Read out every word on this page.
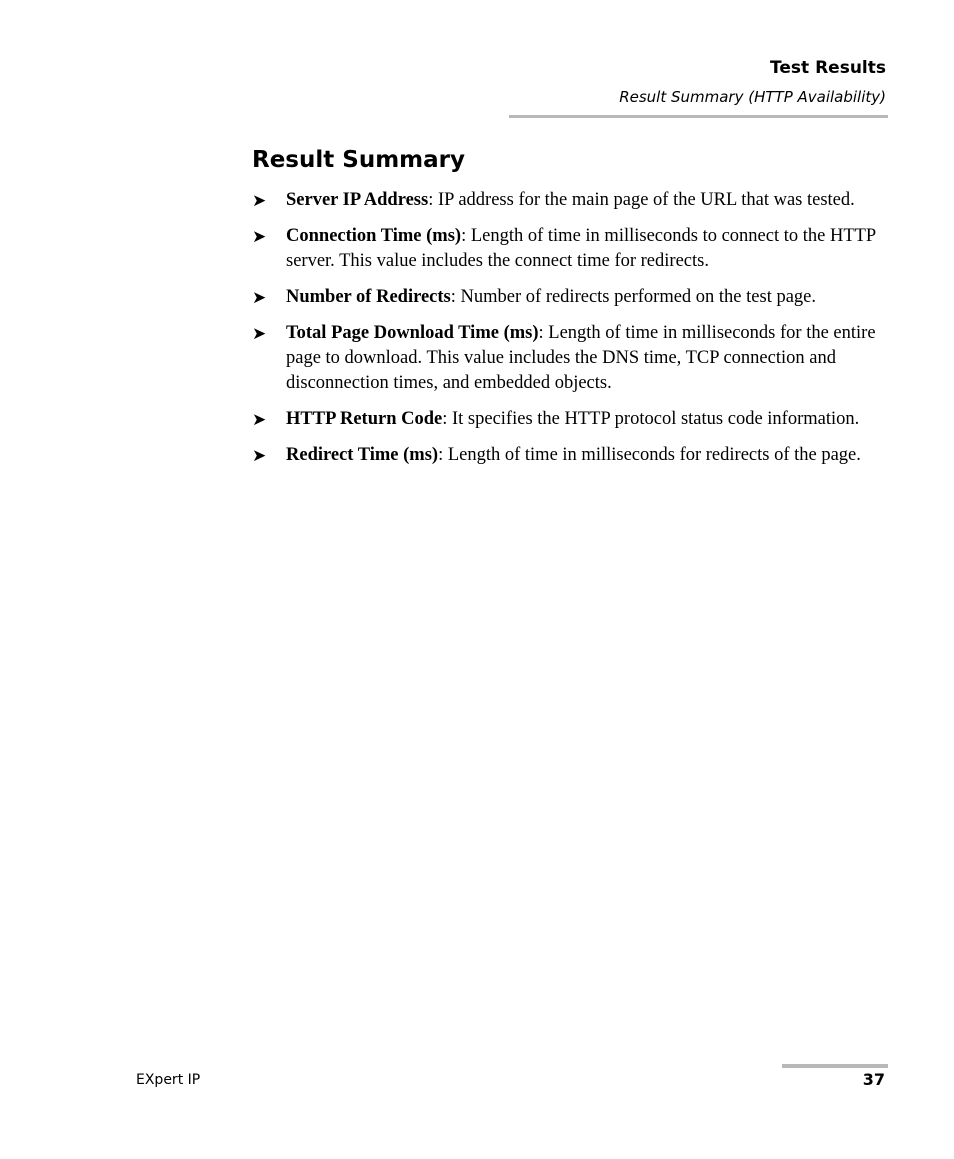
Test Results
Result Summary (HTTP Availability)
Result Summary
➤ Server IP Address: IP address for the main page of the URL that was tested.
➤ Connection Time (ms): Length of time in milliseconds to connect to the HTTP server. This value includes the connect time for redirects.
➤ Number of Redirects: Number of redirects performed on the test page.
➤ Total Page Download Time (ms): Length of time in milliseconds for the entire page to download. This value includes the DNS time, TCP connection and disconnection times, and embedded objects.
➤ HTTP Return Code: It specifies the HTTP protocol status code information.
➤ Redirect Time (ms): Length of time in milliseconds for redirects of the page.
EXpert IP	37
